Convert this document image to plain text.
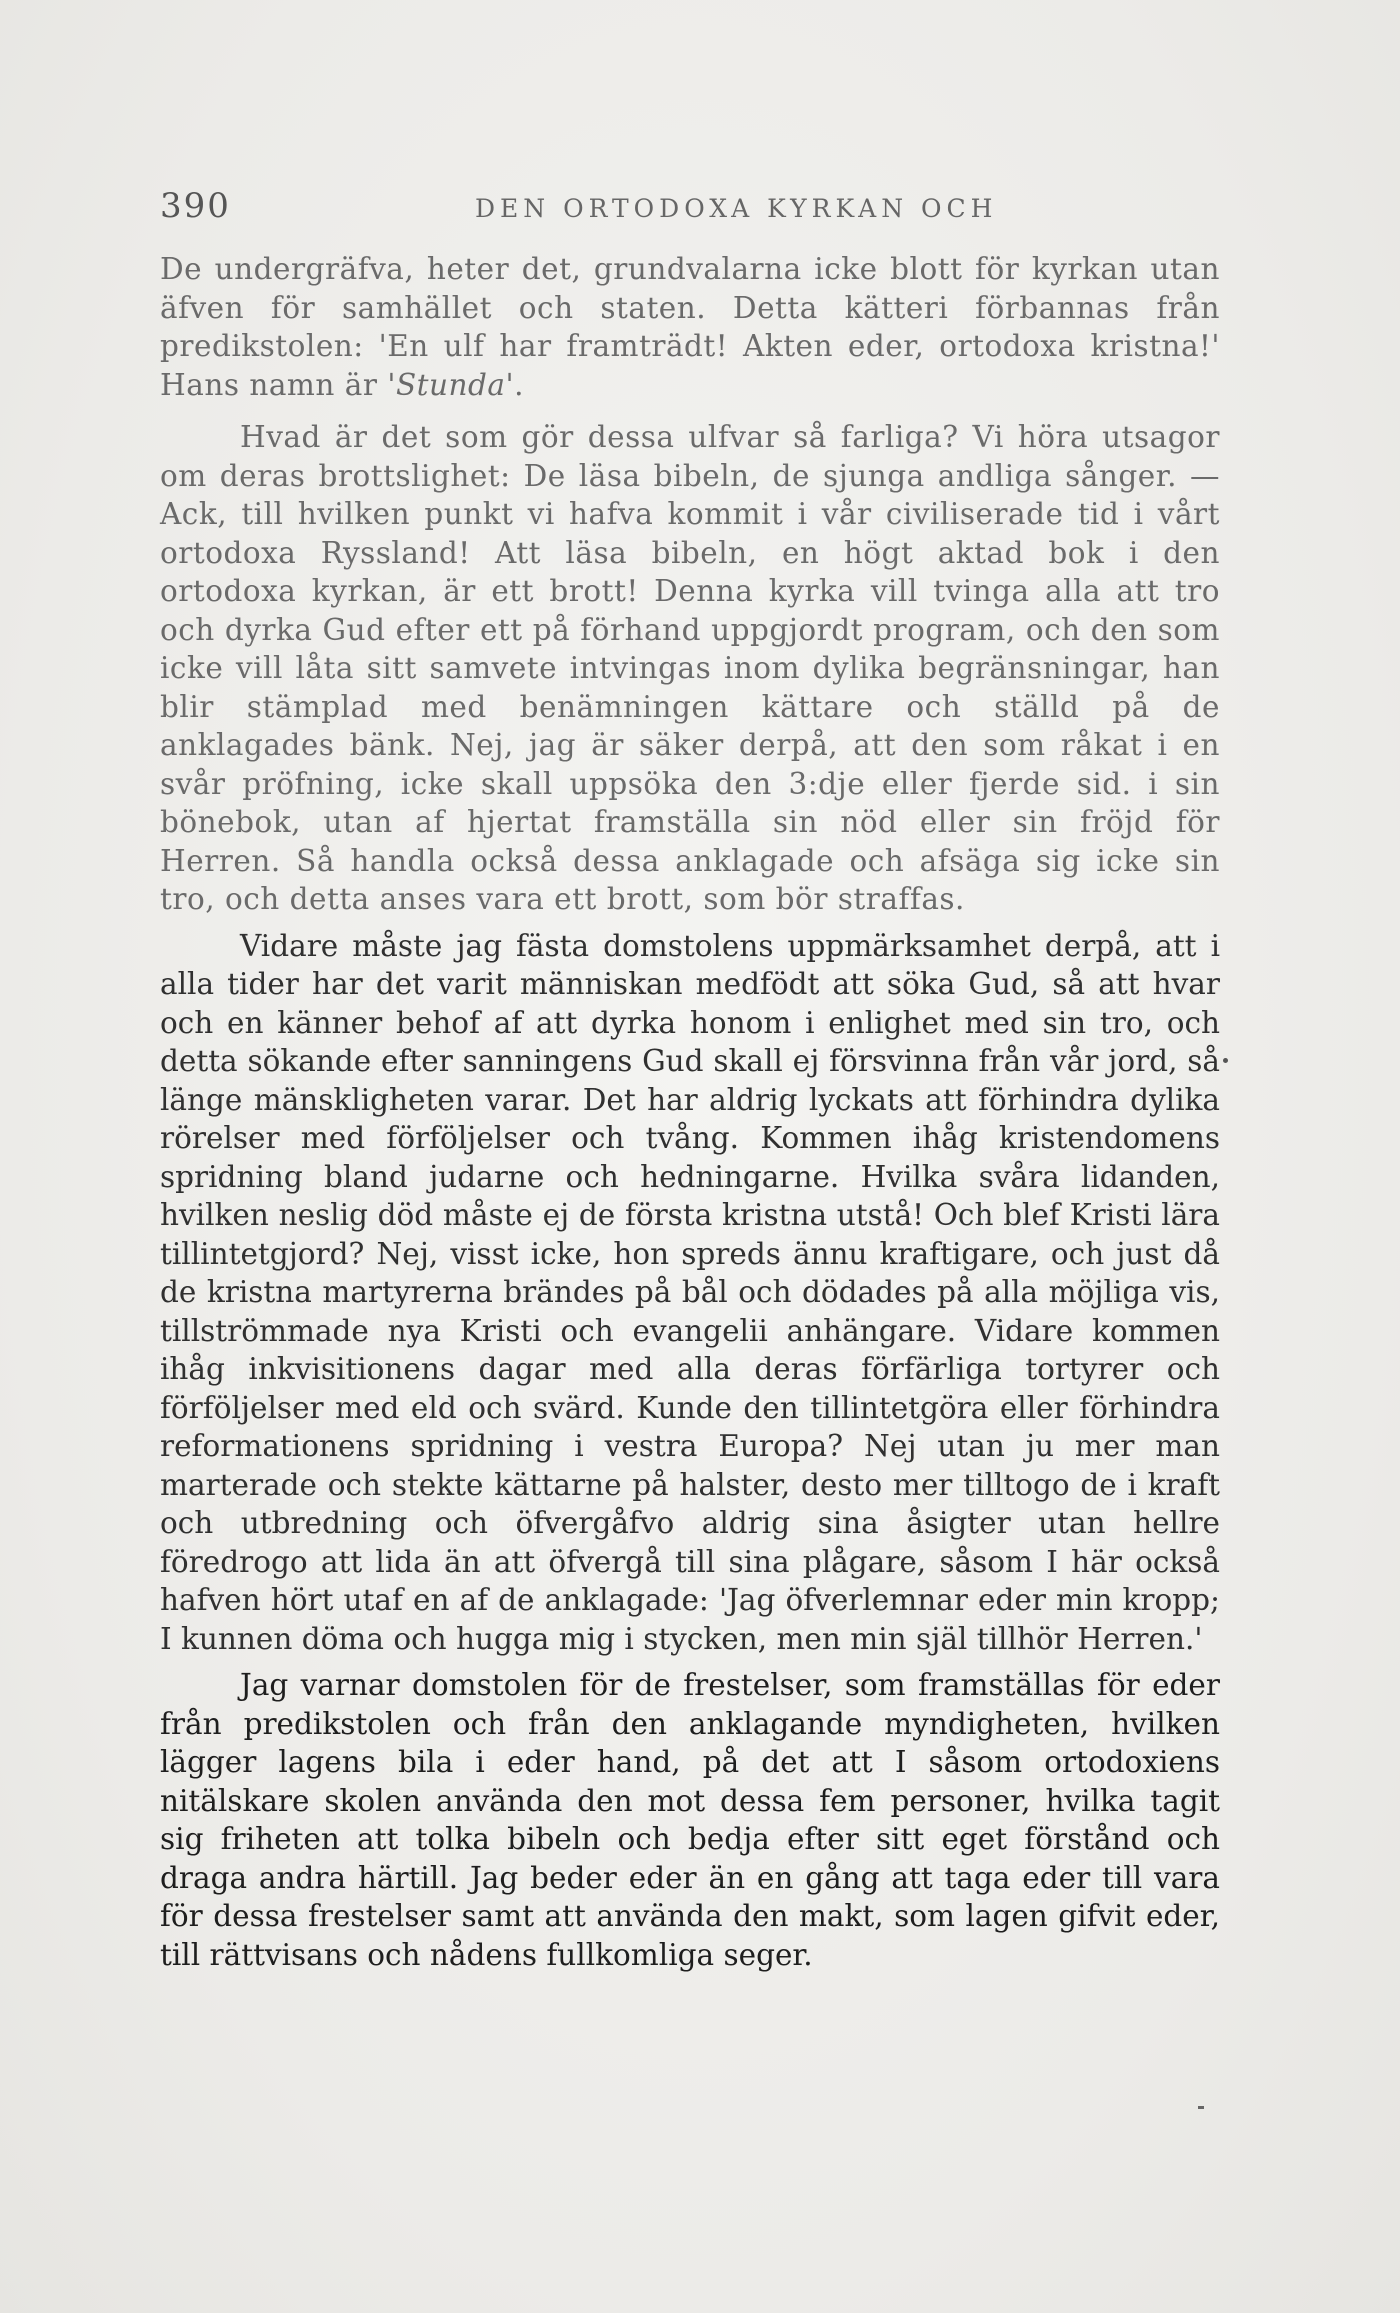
390	DEN ORTODOXA KYRKAN OCH

De undergräfva, heter det, grundvalarna icke blott för kyrkan utan äfven för samhället och staten. Detta kätteri förbannas från predikstolen: 'En ulf har framträdt! Akten eder, ortodoxa kristna!' Hans namn är 'Stunda'.

Hvad är det som gör dessa ulfvar så farliga? Vi höra utsagor om deras brottslighet: De läsa bibeln, de sjunga andliga sånger. — Ack, till hvilken punkt vi hafva kommit i vår civiliserade tid i vårt ortodoxa Ryssland! Att läsa bibeln, en högt aktad bok i den ortodoxa kyrkan, är ett brott! Denna kyrka vill tvinga alla att tro och dyrka Gud efter ett på förhand uppgjordt program, och den som icke vill låta sitt samvete intvingas inom dylika begränsningar, han blir stämplad med benämningen kättare och ställd på de anklagades bänk. Nej, jag är säker derpå, att den som råkat i en svår pröfning, icke skall uppsöka den 3:dje eller fjerde sid. i sin bönebok, utan af hjertat framställa sin nöd eller sin fröjd för Herren. Så handla också dessa anklagade och afsäga sig icke sin tro, och detta anses vara ett brott, som bör straffas.

Vidare måste jag fästa domstolens uppmärksamhet derpå, att i alla tider har det varit människan medfödt att söka Gud, så att hvar och en känner behof af att dyrka honom i enlighet med sin tro, och detta sökande efter sanningens Gud skall ej försvinna från vår jord, så länge mänskligheten varar. Det har aldrig lyckats att förhindra dylika rörelser med förföljelser och tvång. Kommen ihåg kristendomens spridning bland judarne och hedningarne. Hvilka svåra lidanden, hvilken neslig död måste ej de första kristna utstå! Och blef Kristi lära tillintetgjord? Nej, visst icke, hon spreds ännu kraftigare, och just då de kristna martyrerna brändes på bål och dödades på alla möjliga vis, tillströmmade nya Kristi och evangelii anhängare. Vidare kommen ihåg inkvisitionens dagar med alla deras förfärliga tortyrer och förföljelser med eld och svärd. Kunde den tillintetgöra eller förhindra reformationens spridning i vestra Europa? Nej utan ju mer man marterade och stekte kättarne på halster, desto mer tilltogo de i kraft och utbredning och öfvergåfvo aldrig sina åsigter utan hellre föredrogo att lida än att öfvergå till sina plågare, såsom I här också hafven hört utaf en af de anklagade: 'Jag öfverlemnar eder min kropp; I kunnen döma och hugga mig i stycken, men min själ tillhör Herren.'

Jag varnar domstolen för de frestelser, som framställas för eder från predikstolen och från den anklagande myndigheten, hvilken lägger lagens bila i eder hand, på det att I såsom ortodoxiens nitälskare skolen använda den mot dessa fem personer, hvilka tagit sig friheten att tolka bibeln och bedja efter sitt eget förstånd och draga andra härtill. Jag beder eder än en gång att taga eder till vara för dessa frestelser samt att använda den makt, som lagen gifvit eder, till rättvisans och nådens fullkomliga seger.
